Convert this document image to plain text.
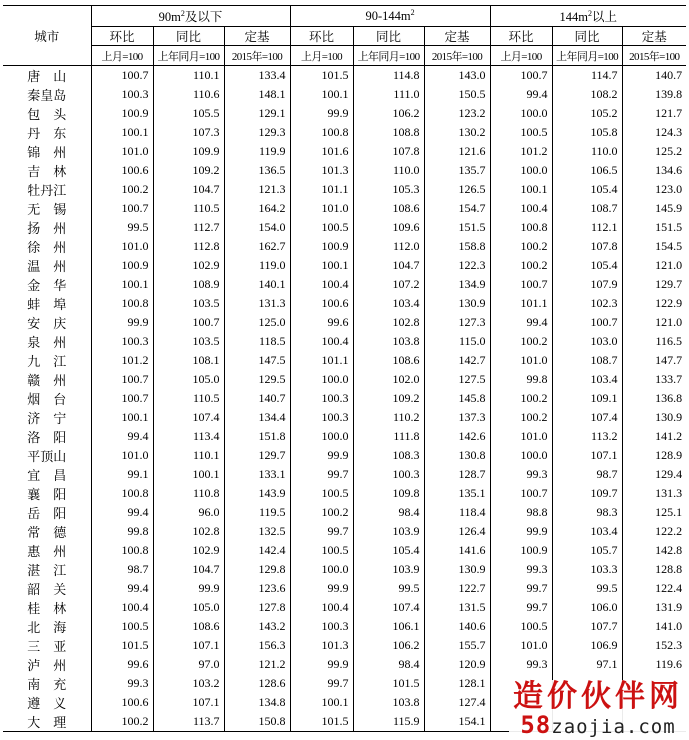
城市	$90m^2$及以下			$90-144m^2$			$144m^2$以上		
	环比	同比	定基	环比	同比	定基	环比	同比	定基
	上月=100	上年同月=100	2015年=100	上月=100	上年同月=100	2015年=100	上月=100	上年同月=100	2015年=100
唐　山	100.7	110.1	133.4	101.5	114.8	143.0	100.7	114.7	140.7
秦皇岛	100.3	110.6	148.1	100.1	111.0	150.5	99.4	108.2	139.8
包　头	100.9	105.5	129.1	99.9	106.2	123.2	100.0	105.2	121.7
丹　东	100.1	107.3	129.3	100.8	108.8	130.2	100.5	105.8	124.3
锦　州	101.0	109.9	119.9	101.6	107.8	121.6	101.2	110.0	125.2
吉　林	100.6	109.2	136.5	101.3	110.0	135.7	100.0	106.5	134.6
牡丹江	100.2	104.7	121.3	101.1	105.3	126.5	100.1	105.4	123.0
无　锡	100.7	110.5	164.2	101.0	108.6	154.7	100.4	108.7	145.9
扬　州	99.5	112.7	154.0	100.5	109.6	151.5	100.8	112.1	151.5
徐　州	101.0	112.8	162.7	100.9	112.0	158.8	100.2	107.8	154.5
温　州	100.9	102.9	119.0	100.1	104.7	122.3	100.2	105.4	121.0
金　华	100.1	108.9	140.1	100.4	107.2	134.9	100.7	107.9	129.7
蚌　埠	100.8	103.5	131.3	100.6	103.4	130.9	101.1	102.3	122.9
安　庆	99.9	100.7	125.0	99.6	102.8	127.3	99.4	100.7	121.0
泉　州	100.3	103.5	118.5	100.4	103.8	115.0	100.2	103.0	116.5
九　江	101.2	108.1	147.5	101.1	108.6	142.7	101.0	108.7	147.7
赣　州	100.7	105.0	129.5	100.0	102.0	127.5	99.8	103.4	133.7
烟　台	100.7	110.5	140.7	100.3	109.2	145.8	100.2	109.1	136.8
济　宁	100.1	107.4	134.4	100.3	110.2	137.3	100.2	107.4	130.9
洛　阳	99.4	113.4	151.8	100.0	111.8	142.6	101.0	113.2	141.2
平顶山	101.0	110.1	129.7	99.9	108.3	130.8	100.0	107.1	128.9
宜　昌	99.1	100.1	133.1	99.7	100.3	128.7	99.3	98.7	129.4
襄　阳	100.8	110.8	143.9	100.5	109.8	135.1	100.7	109.7	131.3
岳　阳	99.4	96.0	119.5	100.2	98.4	118.4	98.8	98.3	125.1
常　德	99.8	102.8	132.5	99.7	103.9	126.4	99.9	103.4	122.2
惠　州	100.8	102.9	142.4	100.5	105.4	141.6	100.9	105.7	142.8
湛　江	98.7	104.7	129.8	100.0	103.9	130.9	99.3	103.3	128.8
韶　关	99.4	99.9	123.6	99.9	99.5	122.7	99.7	99.5	122.4
桂　林	100.4	105.0	127.8	100.4	107.4	131.5	99.7	106.0	131.9
北　海	100.5	108.6	143.2	100.3	106.1	140.6	100.5	107.7	141.0
三　亚	101.5	107.1	156.3	101.3	106.2	155.7	101.0	106.9	152.3
泸　州	99.6	97.0	121.2	99.9	98.4	120.9	99.3	97.1	119.6
南　充	99.3	103.2	128.6	99.7	101.5	128.1			
遵　义	100.6	107.1	134.8	100.1	103.8	127.4			
大　理	100.2	113.7	150.8	101.5	115.9	154.1			
造价伙伴网
58zaojia.com
